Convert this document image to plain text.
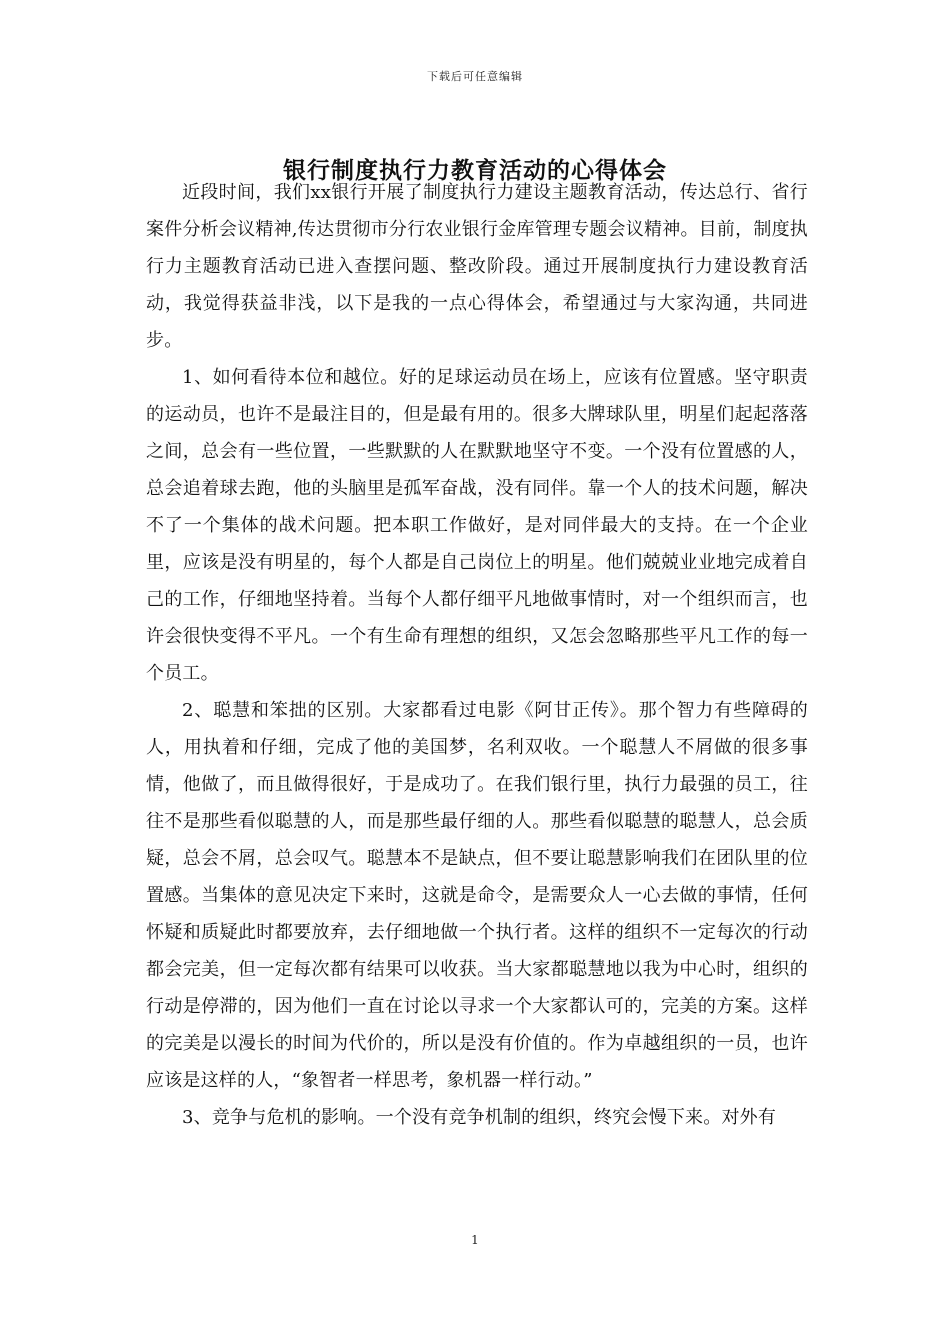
下载后可任意编辑
银行制度执行力教育活动的心得体会

近段时间，我们xx银行开展了制度执行力建设主题教育活动，传达总行、省行案件分析会议精神,传达贯彻市分行农业银行金库管理专题会议精神。目前，制度执行力主题教育活动已进入查摆问题、整改阶段。通过开展制度执行力建设教育活动，我觉得获益非浅，以下是我的一点心得体会，希望通过与大家沟通，共同进步。

1、如何看待本位和越位。好的足球运动员在场上，应该有位置感。坚守职责的运动员，也许不是最注目的，但是最有用的。很多大牌球队里，明星们起起落落之间，总会有一些位置，一些默默的人在默默地坚守不变。一个没有位置感的人，总会追着球去跑，他的头脑里是孤军奋战，没有同伴。靠一个人的技术问题，解决不了一个集体的战术问题。把本职工作做好，是对同伴最大的支持。在一个企业里，应该是没有明星的，每个人都是自己岗位上的明星。他们兢兢业业地完成着自己的工作，仔细地坚持着。当每个人都仔细平凡地做事情时，对一个组织而言，也许会很快变得不平凡。一个有生命有理想的组织，又怎会忽略那些平凡工作的每一个员工。

2、聪慧和笨拙的区别。大家都看过电影《阿甘正传》。那个智力有些障碍的人，用执着和仔细，完成了他的美国梦，名利双收。一个聪慧人不屑做的很多事情，他做了，而且做得很好，于是成功了。在我们银行里，执行力最强的员工，往往不是那些看似聪慧的人，而是那些最仔细的人。那些看似聪慧的聪慧人，总会质疑，总会不屑，总会叹气。聪慧本不是缺点，但不要让聪慧影响我们在团队里的位置感。当集体的意见决定下来时，这就是命令，是需要众人一心去做的事情，任何怀疑和质疑此时都要放弃，去仔细地做一个执行者。这样的组织不一定每次的行动都会完美，但一定每次都有结果可以收获。当大家都聪慧地以我为中心时，组织的行动是停滞的，因为他们一直在讨论以寻求一个大家都认可的，完美的方案。这样的完美是以漫长的时间为代价的，所以是没有价值的。作为卓越组织的一员，也许应该是这样的人，“象智者一样思考，象机器一样行动。”

3、竞争与危机的影响。一个没有竞争机制的组织，终究会慢下来。对外有

1
